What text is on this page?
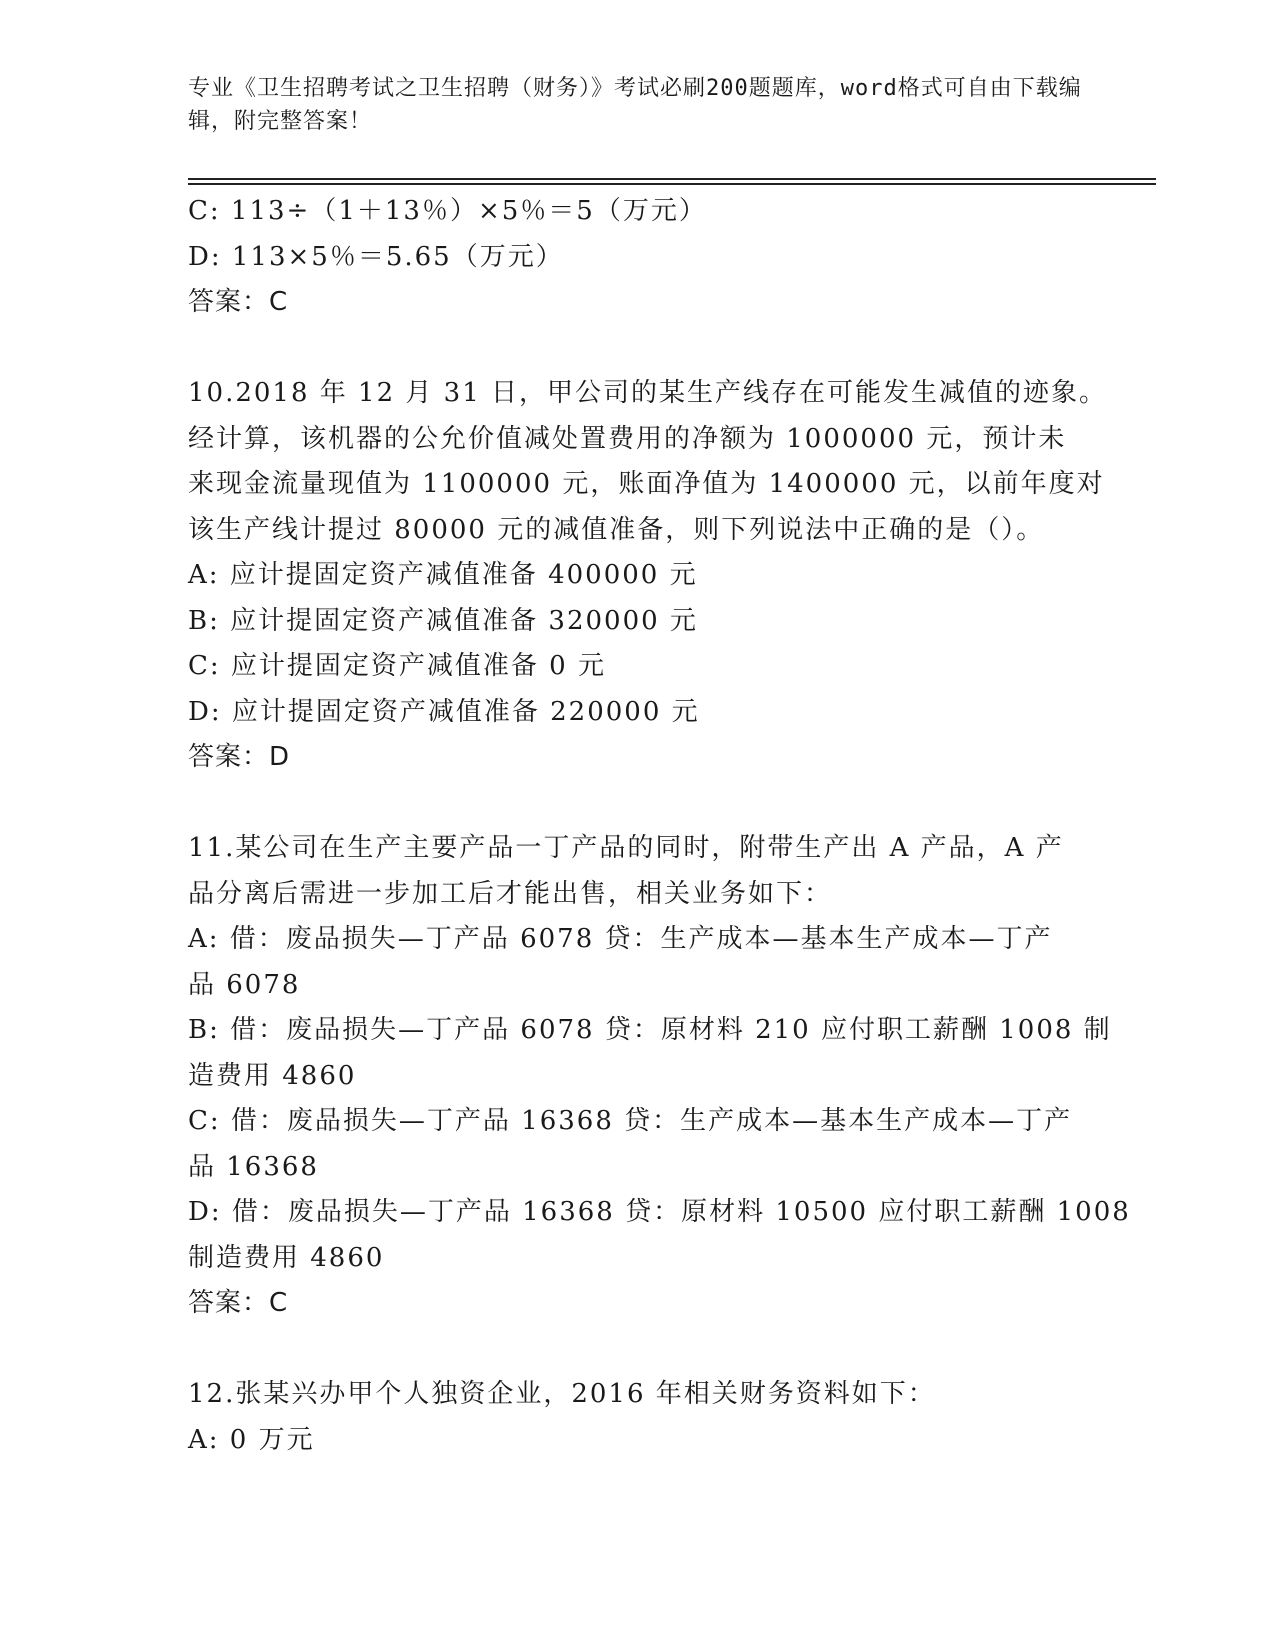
专业《卫生招聘考试之卫生招聘（财务）》考试必刷200题题库，word格式可自由下载编辑，附完整答案！
C: 113÷（1＋13％）×5％＝5（万元）
D: 113×5％＝5.65（万元）
答案：C
10.2018 年 12 月 31 日，甲公司的某生产线存在可能发生减值的迹象。
经计算，该机器的公允价值减处置费用的净额为 1000000 元，预计未
来现金流量现值为 1100000 元，账面净值为 1400000 元，以前年度对
该生产线计提过 80000 元的减值准备，则下列说法中正确的是（）。
A: 应计提固定资产减值准备 400000 元
B: 应计提固定资产减值准备 320000 元
C: 应计提固定资产减值准备 0 元
D: 应计提固定资产减值准备 220000 元
答案：D
11.某公司在生产主要产品一丁产品的同时，附带生产出 A 产品，A 产
品分离后需进一步加工后才能出售，相关业务如下：
A: 借：废品损失—丁产品 6078 贷：生产成本—基本生产成本—丁产
品 6078
B: 借：废品损失—丁产品 6078 贷：原材料 210 应付职工薪酬 1008 制
造费用 4860
C: 借：废品损失—丁产品 16368 贷：生产成本—基本生产成本—丁产
品 16368
D: 借：废品损失—丁产品 16368 贷：原材料 10500 应付职工薪酬 1008
制造费用 4860
答案：C
12.张某兴办甲个人独资企业，2016 年相关财务资料如下：
A: 0 万元
